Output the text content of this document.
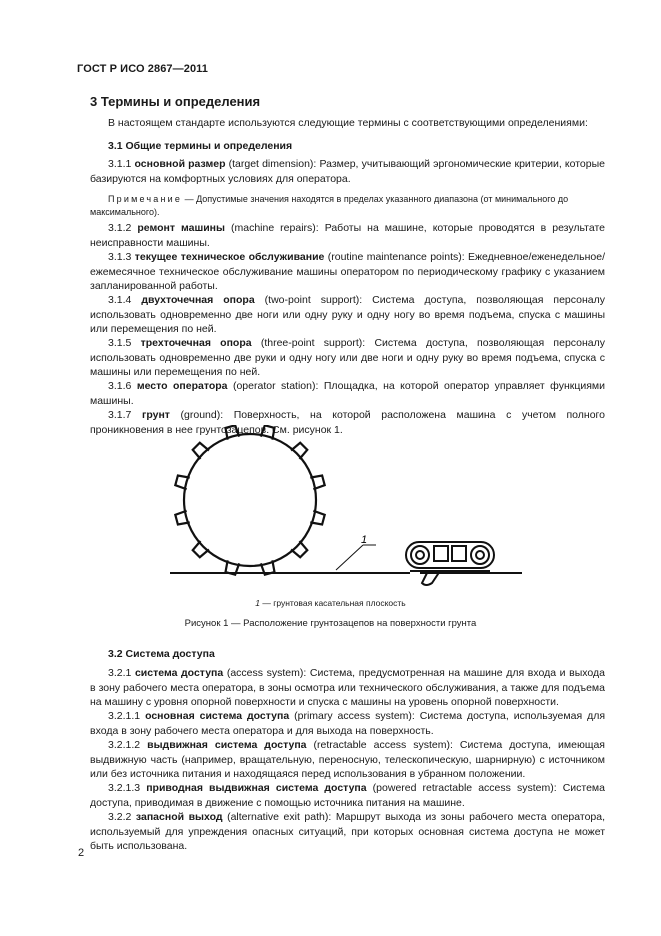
ГОСТ Р ИСО 2867—2011
3 Термины и определения

В настоящем стандарте используются следующие термины с соответствующими определениями:

3.1 Общие термины и определения

3.1.1 основной размер (target dimension): Размер, учитывающий эргономические критерии, которые базируются на комфортных условиях для оператора.

Примечание — Допустимые значения находятся в пределах указанного диапазона (от минимального до максимального).

3.1.2 ремонт машины (machine repairs): Работы на машине, которые проводятся в результате неисправности машины.

3.1.3 текущее техническое обслуживание (routine maintenance points): Ежедневное/еженедельное/ежемесячное техническое обслуживание машины оператором по периодическому графику с указанием запланированной работы.

3.1.4 двухточечная опора (two-point support): Система доступа, позволяющая персоналу использовать одновременно две ноги или одну руку и одну ногу во время подъема, спуска с машины или перемещения по ней.

3.1.5 трехточечная опора (three-point support): Система доступа, позволяющая персоналу использовать одновременно две руки и одну ногу или две ноги и одну руку во время подъема, спуска с машины или перемещения по ней.

3.1.6 место оператора (operator station): Площадка, на которой оператор управляет функциями машины.

3.1.7 грунт (ground): Поверхность, на которой расположена машина с учетом полного проникновения в нее грунтозацепов. См. рисунок 1.

1
1 — грунтовая касательная плоскость
Рисунок 1 — Расположение грунтозацепов на поверхности грунта
3.2 Система доступа

3.2.1 система доступа (access system): Система, предусмотренная на машине для входа и выхода в зону рабочего места оператора, в зоны осмотра или технического обслуживания, а также для подъема на машину с уровня опорной поверхности и спуска с машины на уровень опорной поверхности.

3.2.1.1 основная система доступа (primary access system): Система доступа, используемая для входа в зону рабочего места оператора и для выхода на поверхность.

3.2.1.2 выдвижная система доступа (retractable access system): Система доступа, имеющая выдвижную часть (например, вращательную, переносную, телескопическую, шарнирную) с источником или без источника питания и находящаяся перед использования в убранном положении.

3.2.1.3 приводная выдвижная система доступа (powered retractable access system): Система доступа, приводимая в движение с помощью источника питания на машине.

3.2.2 запасной выход (alternative exit path): Маршрут выхода из зоны рабочего места оператора, используемый для упреждения опасных ситуаций, при которых основная система доступа не может быть использована.

2
